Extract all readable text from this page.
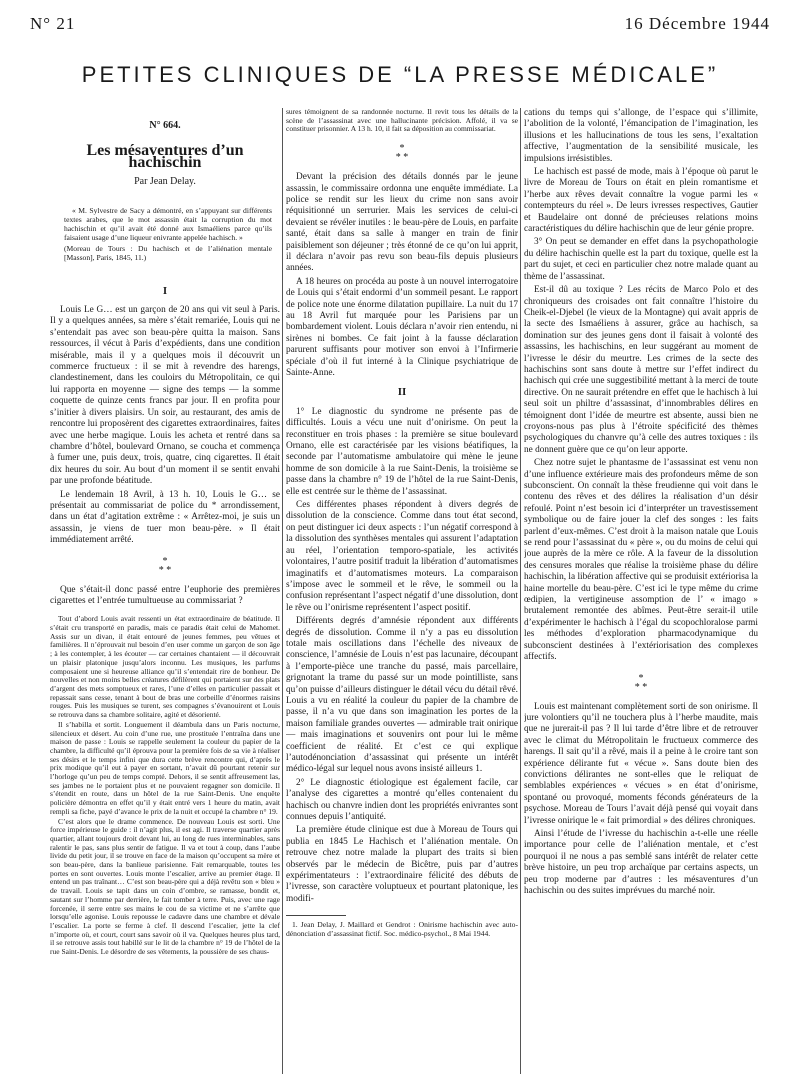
N° 21	16 Décembre 1944
PETITES CLINIQUES DE “LA PRESSE MÉDICALE”

N° 664.

Les mésaventures d’un hachischin

Par Jean Delay.

« M. Sylvestre de Sacy a démontré, en s’appuyant sur différents textes arabes, que le mot assassin était la corruption du mot hachischin et qu’il avait été donné aux Ismaéliens parce qu’ils faisaient usage d’une liqueur enivrante appelée hachisch. »

(Moreau de Tours : Du hachisch et de l’aliénation mentale [Masson], Paris, 1845, 11.)

I

Louis Le G… est un garçon de 20 ans qui vit seul à Paris. Il y a quelques années, sa mère s’était remariée, Louis qui ne s’entendait pas avec son beau-père quitta la maison. Sans ressources, il vécut à Paris d’expédients, dans une condition misérable, mais il y a quelques mois il découvrit un commerce fructueux : il se mit à revendre des harengs, clandestinement, dans les couloirs du Métropolitain, ce qui lui rapporta en moyenne — signe des temps — la somme coquette de quinze cents francs par jour. Il en profita pour s’initier à divers plaisirs. Un soir, au restaurant, des amis de rencontre lui proposèrent des cigarettes extraordinaires, faites avec une herbe magique. Louis les acheta et rentré dans sa chambre d’hôtel, boulevard Ornano, se coucha et commença à fumer une, puis deux, trois, quatre, cinq cigarettes. Il était dix heures du soir. Au bout d’un moment il se sentit envahi par une profonde béatitude.

Le lendemain 18 Avril, à 13 h. 10, Louis le G… se présentait au commissariat de police du * arrondissement, dans un état d’agitation extrême : « Arrêtez-moi, je suis un assassin, je viens de tuer mon beau-père. » Il était immédiatement arrêté.

*
* *

Que s’était-il donc passé entre l’euphorie des premières cigarettes et l’entrée tumultueuse au commissariat ?

Tout d’abord Louis avait ressenti un état extraordinaire de béatitude. Il s’était cru transporté en paradis, mais ce paradis était celui de Mahomet. Assis sur un divan, il était entouré de jeunes femmes, peu vêtues et familières. Il n’éprouvait nul besoin d’en user comme un garçon de son âge ; à les contempler, à les écouter — car certaines chantaient — il découvrait un plaisir platonique jusqu’alors inconnu. Les musiques, les parfums composaient une si heureuse alliance qu’il s’entendait rire de bonheur. De nouvelles et non moins belles créatures défilèrent qui portaient sur des plats d’argent des mets somptueux et rares, l’une d’elles en particulier passait et repassait sans cesse, tenant à bout de bras une corbeille d’énormes raisins rouges. Puis les musiques se turent, ses compagnes s’évanouirent et Louis se retrouva dans sa chambre solitaire, agité et désorienté.

Il s’habilla et sortit. Longuement il déambula dans un Paris nocturne, silencieux et désert. Au coin d’une rue, une prostituée l’entraîna dans une maison de passe : Louis se rappelle seulement la couleur du papier de la chambre, la difficulté qu’il éprouva pour la première fois de sa vie à réaliser ses désirs et le temps infini que dura cette brève rencontre qui, d’après le prix modique qu’il eut à payer en sortant, n’avait dû pourtant retenir sur l’horloge qu’un peu de temps compté. Dehors, il se sentit affreusement las, ses jambes ne le portaient plus et ne pouvaient regagner son domicile. Il s’étendit en route, dans un hôtel de la rue Saint-Denis. Une enquête policière démontra en effet qu’il y était entré vers 1 heure du matin, avait rempli sa fiche, payé d’avance le prix de la nuit et occupé la chambre n° 19.

C’est alors que le drame commence. De nouveau Louis est sorti. Une force impérieuse le guide : il n’agit plus, il est agi. Il traverse quartier après quartier, allant toujours droit devant lui, au long de rues interminables, sans ralentir le pas, sans plus sentir de fatigue. Il va et tout à coup, dans l’aube livide du petit jour, il se trouve en face de la maison qu’occupent sa mère et son beau-père, dans la banlieue parisienne. Fait remarquable, toutes les portes en sont ouvertes. Louis monte l’escalier, arrive au premier étage. Il entend un pas traînant… C’est son beau-père qui a déjà revêtu son « bleu » de travail. Louis se tapit dans un coin d’ombre, se ramasse, bondit et, sautant sur l’homme par derrière, le fait tomber à terre. Puis, avec une rage forcenée, il serre entre ses mains le cou de sa victime et ne s’arrête que lorsqu’elle agonise. Louis repousse le cadavre dans une chambre et dévale l’escalier. La porte se ferme à clef. Il descend l’escalier, jette la clef n’importe où, et court, court sans savoir où il va. Quelques heures plus tard, il se retrouve assis tout habillé sur le lit de la chambre n° 19 de l’hôtel de la rue Saint-Denis. Le désordre de ses vêtements, la poussière de ses chaus-

sures témoignent de sa randonnée nocturne. Il revit tous les détails de la scène de l’assassinat avec une hallucinante précision. Affolé, il va se constituer prisonnier. A 13 h. 10, il fait sa déposition au commissariat.

*
* *

Devant la précision des détails donnés par le jeune assassin, le commissaire ordonna une enquête immédiate. La police se rendit sur les lieux du crime non sans avoir réquisitionné un serrurier. Mais les services de celui-ci devaient se révéler inutiles : le beau-père de Louis, en parfaite santé, était dans sa salle à manger en train de finir paisiblement son déjeuner ; très étonné de ce qu’on lui apprit, il déclara n’avoir pas revu son beau-fils depuis plusieurs années.

A 18 heures on procéda au poste à un nouvel interrogatoire de Louis qui s’était endormi d’un sommeil pesant. Le rapport de police note une énorme dilatation pupillaire. La nuit du 17 au 18 Avril fut marquée pour les Parisiens par un bombardement violent. Louis déclara n’avoir rien entendu, ni sirènes ni bombes. Ce fait joint à la fausse déclaration parurent suffisants pour motiver son envoi à l’Infirmerie spéciale d’où il fut interné à la Clinique psychiatrique de Sainte-Anne.

II

1° Le diagnostic du syndrome ne présente pas de difficultés. Louis a vécu une nuit d’onirisme. On peut la reconstituer en trois phases : la première se situe boulevard Ornano, elle est caractérisée par les visions béatifiques, la seconde par l’automatisme ambulatoire qui mène le jeune homme de son domicile à la rue Saint-Denis, la troisième se passe dans la chambre n° 19 de l’hôtel de la rue Saint-Denis, elle est centrée sur le thème de l’assassinat.

Ces différentes phases répondent à divers degrés de dissolution de la conscience. Comme dans tout état second, on peut distinguer ici deux aspects : l’un négatif correspond à la dissolution des synthèses mentales qui assurent l’adaptation au réel, l’orientation temporo-spatiale, les activités volontaires, l’autre positif traduit la libération d’automatismes imaginatifs et d’automatismes moteurs. La comparaison s’impose avec le sommeil et le rêve, le sommeil ou la confusion représentant l’aspect négatif d’une dissolution, dont le rêve ou l’onirisme représentent l’aspect positif.

Différents degrés d’amnésie répondent aux différents degrés de dissolution. Comme il n’y a pas eu dissolution totale mais oscillations dans l’échelle des niveaux de conscience, l’amnésie de Louis n’est pas lacunaire, découpant à l’emporte-pièce une tranche du passé, mais parcellaire, grignotant la trame du passé sur un mode pointilliste, sans qu’on puisse d’ailleurs distinguer le détail vécu du détail rêvé. Louis a vu en réalité la couleur du papier de la chambre de passe, il n’a vu que dans son imagination les portes de la maison familiale grandes ouvertes — admirable trait onirique — mais imaginations et souvenirs ont pour lui le même coefficient de réalité. Et c’est ce qui explique l’autodénonciation d’assassinat qui présente un intérêt médico-légal sur lequel nous avons insisté ailleurs 1.

2° Le diagnostic étiologique est également facile, car l’analyse des cigarettes a montré qu’elles contenaient du hachisch ou chanvre indien dont les propriétés enivrantes sont connues depuis l’antiquité.

La première étude clinique est due à Moreau de Tours qui publia en 1845 Le Hachisch et l’aliénation mentale. On retrouve chez notre malade la plupart des traits si bien observés par le médecin de Bicêtre, puis par d’autres expérimentateurs : l’extraordinaire félicité des débuts de l’ivresse, son caractère voluptueux et pourtant platonique, les modifi-

1. Jean Delay, J. Maillard et Gendrot : Onirisme hachischin avec auto-dénonciation d’assassinat fictif. Soc. médico-psychol., 8 Mai 1944.

cations du temps qui s’allonge, de l’espace qui s’illimite, l’abolition de la volonté, l’émancipation de l’imagination, les illusions et les hallucinations de tous les sens, l’exaltation affective, l’augmentation de la sensibilité musicale, les impulsions irrésistibles.

Le hachisch est passé de mode, mais à l’époque où parut le livre de Moreau de Tours on était en plein romantisme et l’herbe aux rêves devait connaître la vogue parmi les « contempteurs du réel ». De leurs ivresses respectives, Gautier et Baudelaire ont donné de précieuses relations moins caractéristiques du délire hachischin que de leur génie propre.

3° On peut se demander en effet dans la psychopathologie du délire hachischin quelle est la part du toxique, quelle est la part du sujet, et ceci en particulier chez notre malade quant au thème de l’assassinat.

Est-il dû au toxique ? Les récits de Marco Polo et des chroniqueurs des croisades ont fait connaître l’histoire du Cheik-el-Djebel (le vieux de la Montagne) qui avait appris de la secte des Ismaéliens à assurer, grâce au hachisch, sa domination sur des jeunes gens dont il faisait à volonté des assassins, les hachischins, en leur suggérant au moment de l’ivresse le désir du meurtre. Les crimes de la secte des hachischins sont sans doute à mettre sur l’effet indirect du hachisch qui crée une suggestibilité mettant à la merci de toute directive. On ne saurait prétendre en effet que le hachisch à lui seul soit un philtre d’assassinat, d’innombrables délires en témoignent dont l’idée de meurtre est absente, aussi bien ne croyons-nous pas plus à l’étroite spécificité des thèmes psychologiques du chanvre qu’à celle des autres toxiques : ils ne donnent guère que ce qu’on leur apporte.

Chez notre sujet le phantasme de l’assassinat est venu non d’une influence extérieure mais des profondeurs même de son subconscient. On connaît la thèse freudienne qui voit dans le contenu des rêves et des délires la réalisation d’un désir refoulé. Point n’est besoin ici d’interpréter un travestissement symbolique ou de faire jouer la clef des songes : les faits parlent d’eux-mêmes. C’est droit à la maison natale que Louis se rend pour l’assassinat du « père », ou du moins de celui qui joue auprès de la mère ce rôle. A la faveur de la dissolution des censures morales que réalise la troisième phase du délire hachischin, la libération affective qui se produisit extériorisa la haine mortelle du beau-père. C’est ici le type même du crime œdipien, la vertigineuse assomption de l’ « imago » brutalement remontée des abîmes. Peut-être serait-il utile d’expérimenter le hachisch à l’égal du scopochloralose parmi les méthodes d’exploration pharmacodynamique du subconscient destinées à l’extériorisation des complexes affectifs.

*
* *

Louis est maintenant complètement sorti de son onirisme. Il jure volontiers qu’il ne touchera plus à l’herbe maudite, mais que ne jurerait-il pas ? Il lui tarde d’être libre et de retrouver avec le climat du Métropolitain le fructueux commerce des harengs. Il sait qu’il a rêvé, mais il a peine à le croire tant son expérience délirante fut « vécue ». Sans doute bien des convictions délirantes ne sont-elles que le reliquat de semblables expériences « vécues » en état d’onirisme, spontané ou provoqué, moments féconds générateurs de la psychose. Moreau de Tours l’avait déjà pensé qui voyait dans l’ivresse onirique le « fait primordial » des délires chroniques.

Ainsi l’étude de l’ivresse du hachischin a-t-elle une réelle importance pour celle de l’aliénation mentale, et c’est pourquoi il ne nous a pas semblé sans intérêt de relater cette brève histoire, un peu trop archaïque par certains aspects, un peu trop moderne par d’autres : les mésaventures d’un hachischin ou des suites imprévues du marché noir.
